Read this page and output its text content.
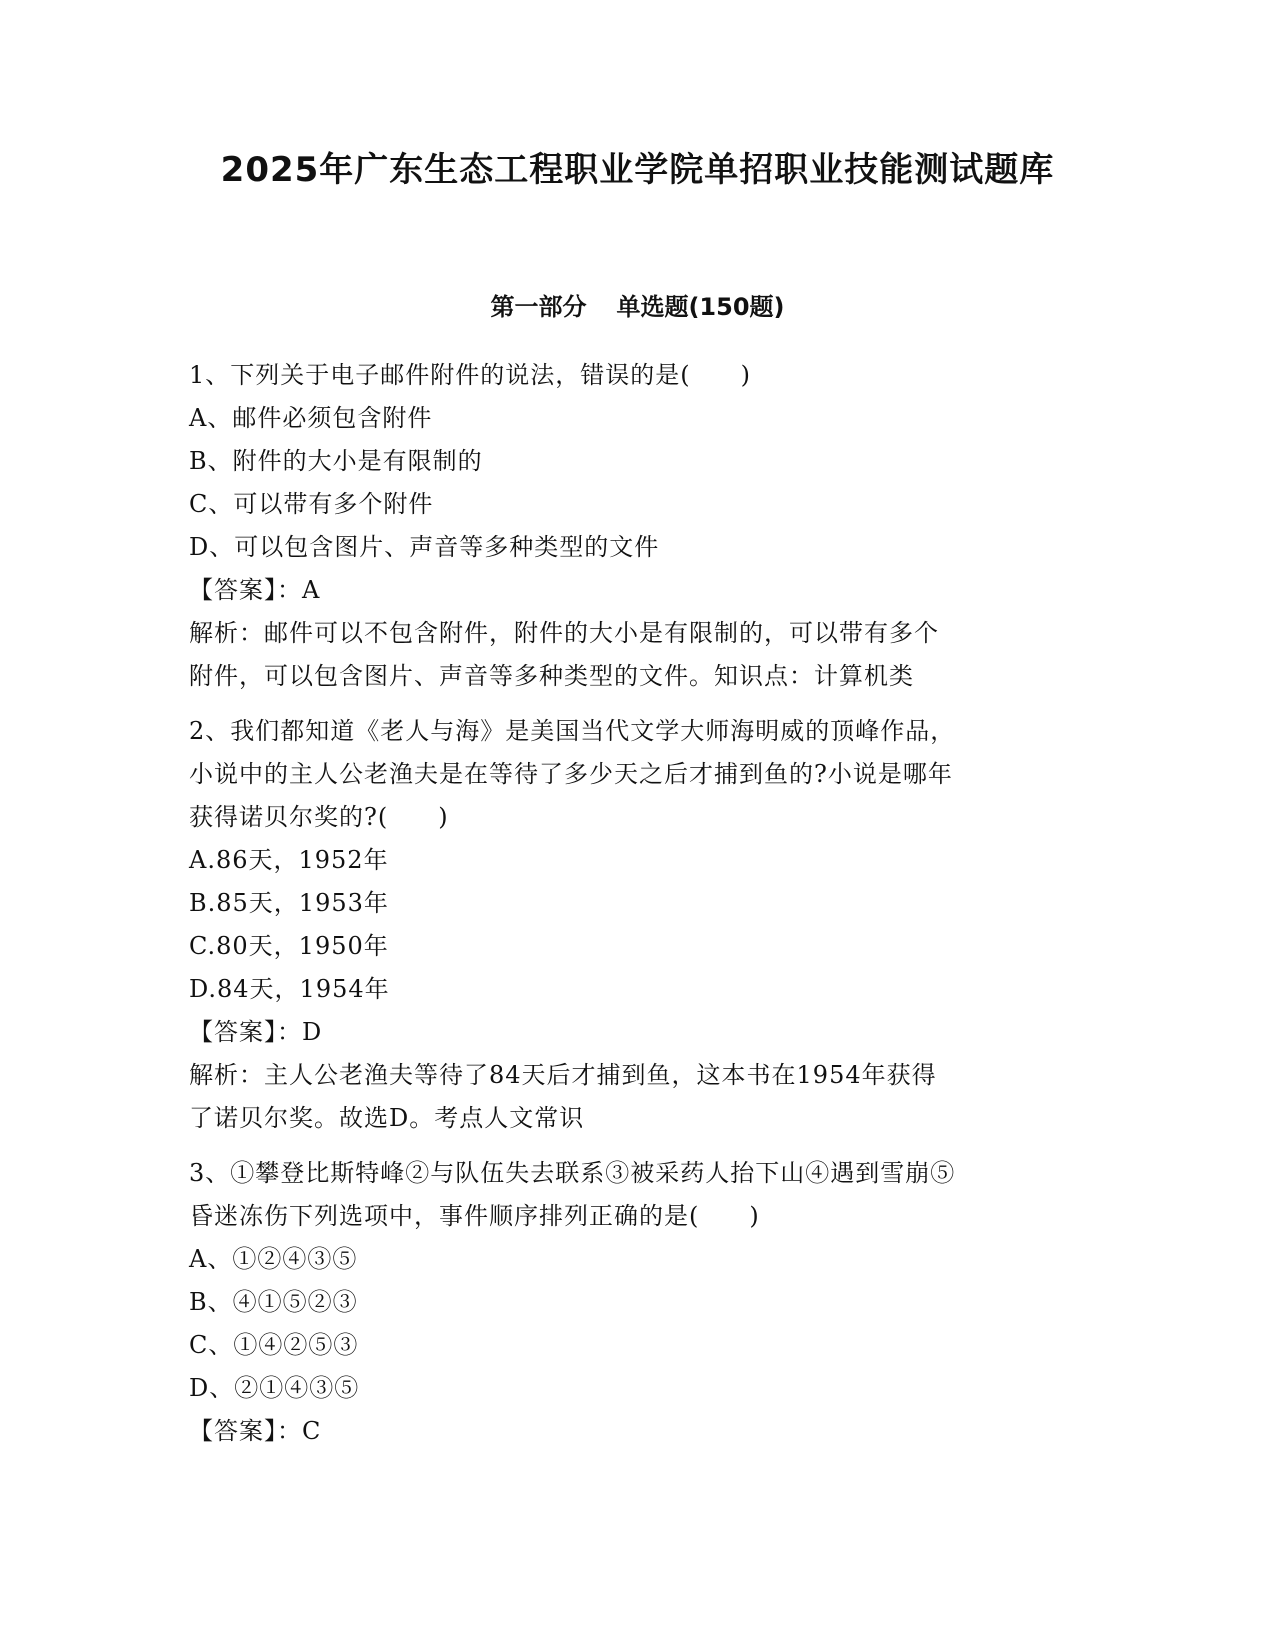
2025年广东生态工程职业学院单招职业技能测试题库
第一部分 单选题(150题)
1、下列关于电子邮件附件的说法，错误的是(　　)
A、邮件必须包含附件
B、附件的大小是有限制的
C、可以带有多个附件
D、可以包含图片、声音等多种类型的文件
【答案】：A
解析：邮件可以不包含附件，附件的大小是有限制的，可以带有多个
附件，可以包含图片、声音等多种类型的文件。知识点：计算机类
2、我们都知道《老人与海》是美国当代文学大师海明威的顶峰作品，
小说中的主人公老渔夫是在等待了多少天之后才捕到鱼的?小说是哪年
获得诺贝尔奖的?(　　)
A.86天，1952年
B.85天，1953年
C.80天，1950年
D.84天，1954年
【答案】：D
解析：主人公老渔夫等待了84天后才捕到鱼，这本书在1954年获得
了诺贝尔奖。故选D。考点人文常识
3、①攀登比斯特峰②与队伍失去联系③被采药人抬下山④遇到雪崩⑤
昏迷冻伤下列选项中，事件顺序排列正确的是(　　)
A、①②④③⑤
B、④①⑤②③
C、①④②⑤③
D、②①④③⑤
【答案】：C
